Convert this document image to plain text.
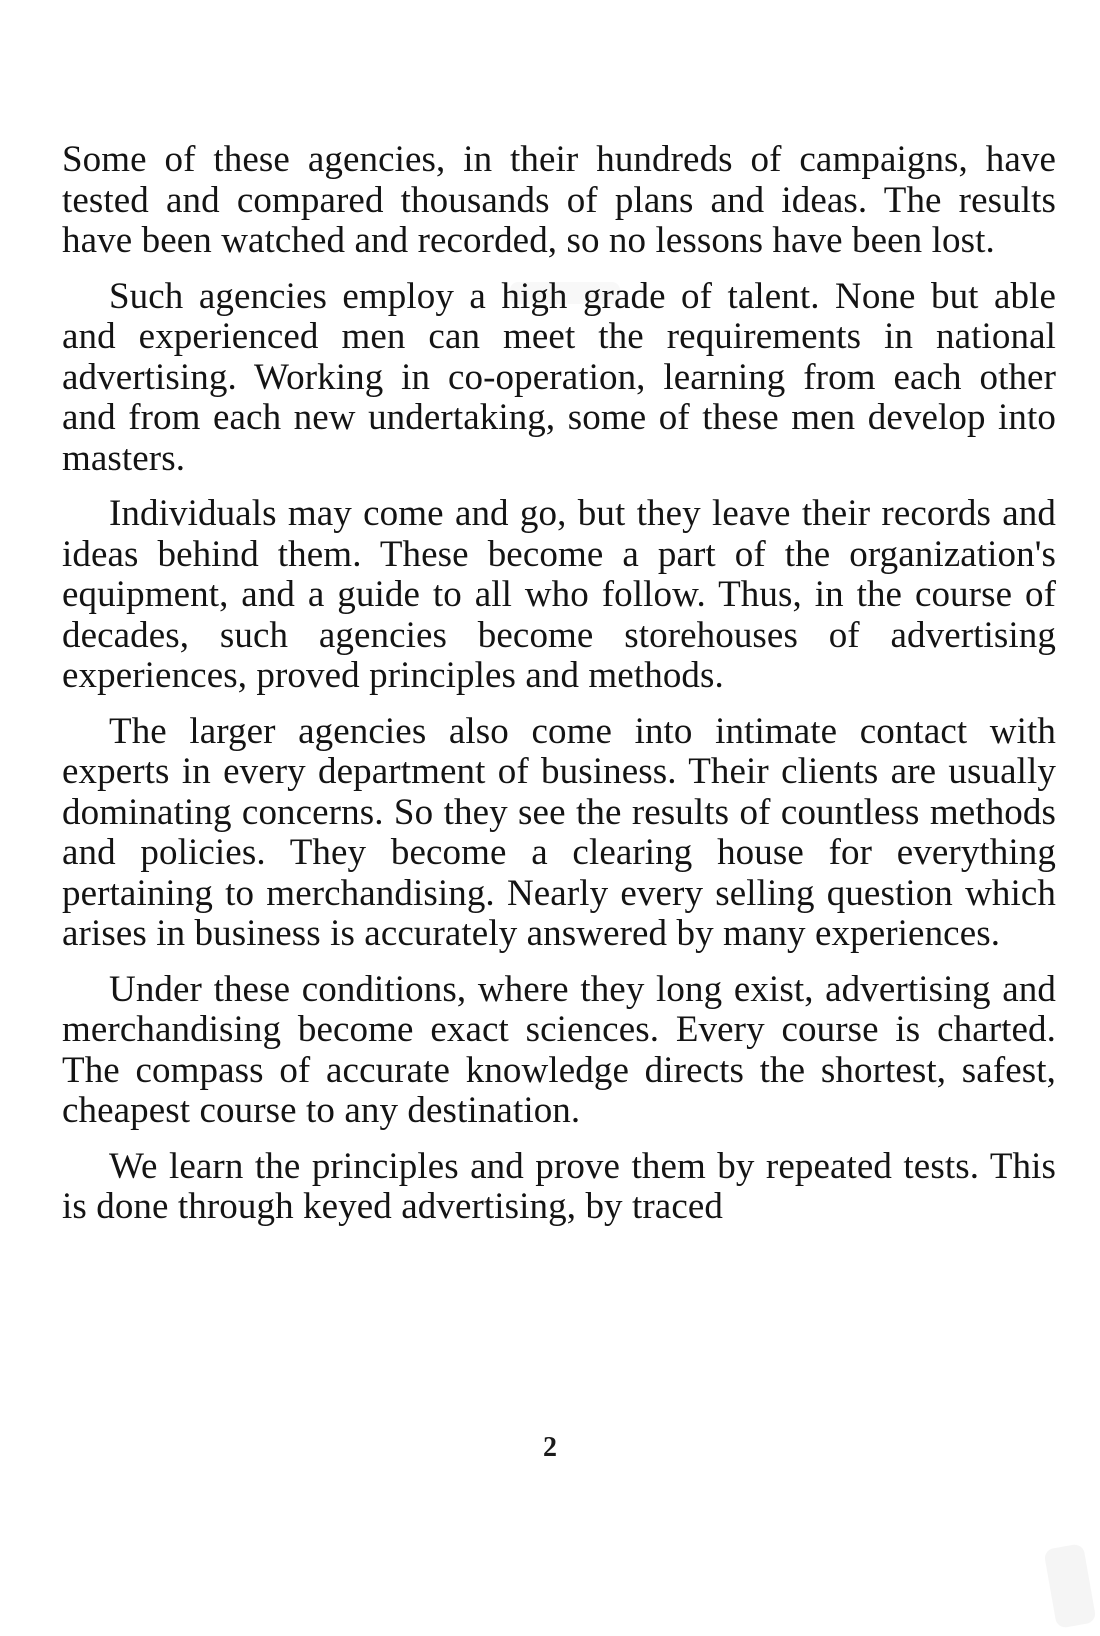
Some of these agencies, in their hundreds of campaigns, have tested and compared thousands of plans and ideas. The results have been watched and recorded, so no lessons have been lost.

Such agencies employ a high grade of talent. None but able and experienced men can meet the requirements in national advertising. Working in co-operation, learning from each other and from each new undertaking, some of these men develop into masters.

Individuals may come and go, but they leave their records and ideas behind them. These become a part of the organization's equipment, and a guide to all who follow. Thus, in the course of decades, such agencies become storehouses of advertising experiences, proved principles and methods.

The larger agencies also come into intimate contact with experts in every department of business. Their clients are usually dominating concerns. So they see the results of countless methods and policies. They become a clearing house for everything pertaining to merchandising. Nearly every selling question which arises in business is accurately answered by many experiences.

Under these conditions, where they long exist, advertising and merchandising become exact sciences. Every course is charted. The compass of accurate knowledge directs the shortest, safest, cheapest course to any destination.

We learn the principles and prove them by repeated tests. This is done through keyed advertising, by traced

2
